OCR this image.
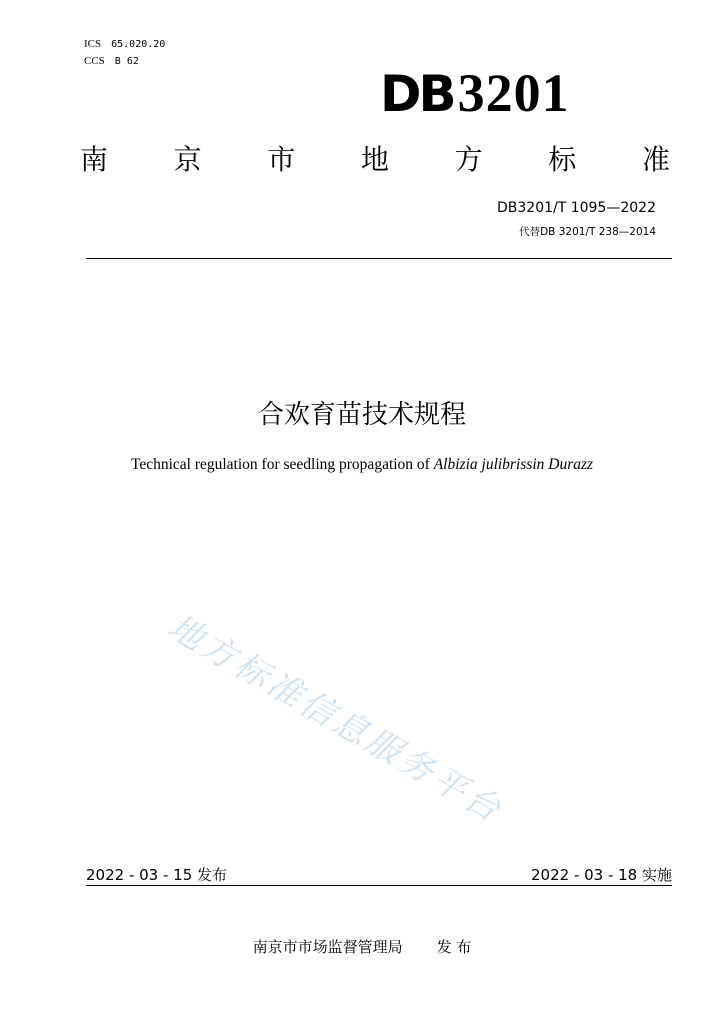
ICS 65.020.20
CCS B 62
DB3201
南 京 市 地 方 标 准
DB3201/T 1095—2022
代替DB 3201/T 238—2014
合欢育苗技术规程
Technical regulation for seedling propagation of Albizia julibrissin Durazz
地方标准信息服务平台
2022 - 03 - 15 发布	2022 - 03 - 18 实施
南京市市场监督管理局 发 布
